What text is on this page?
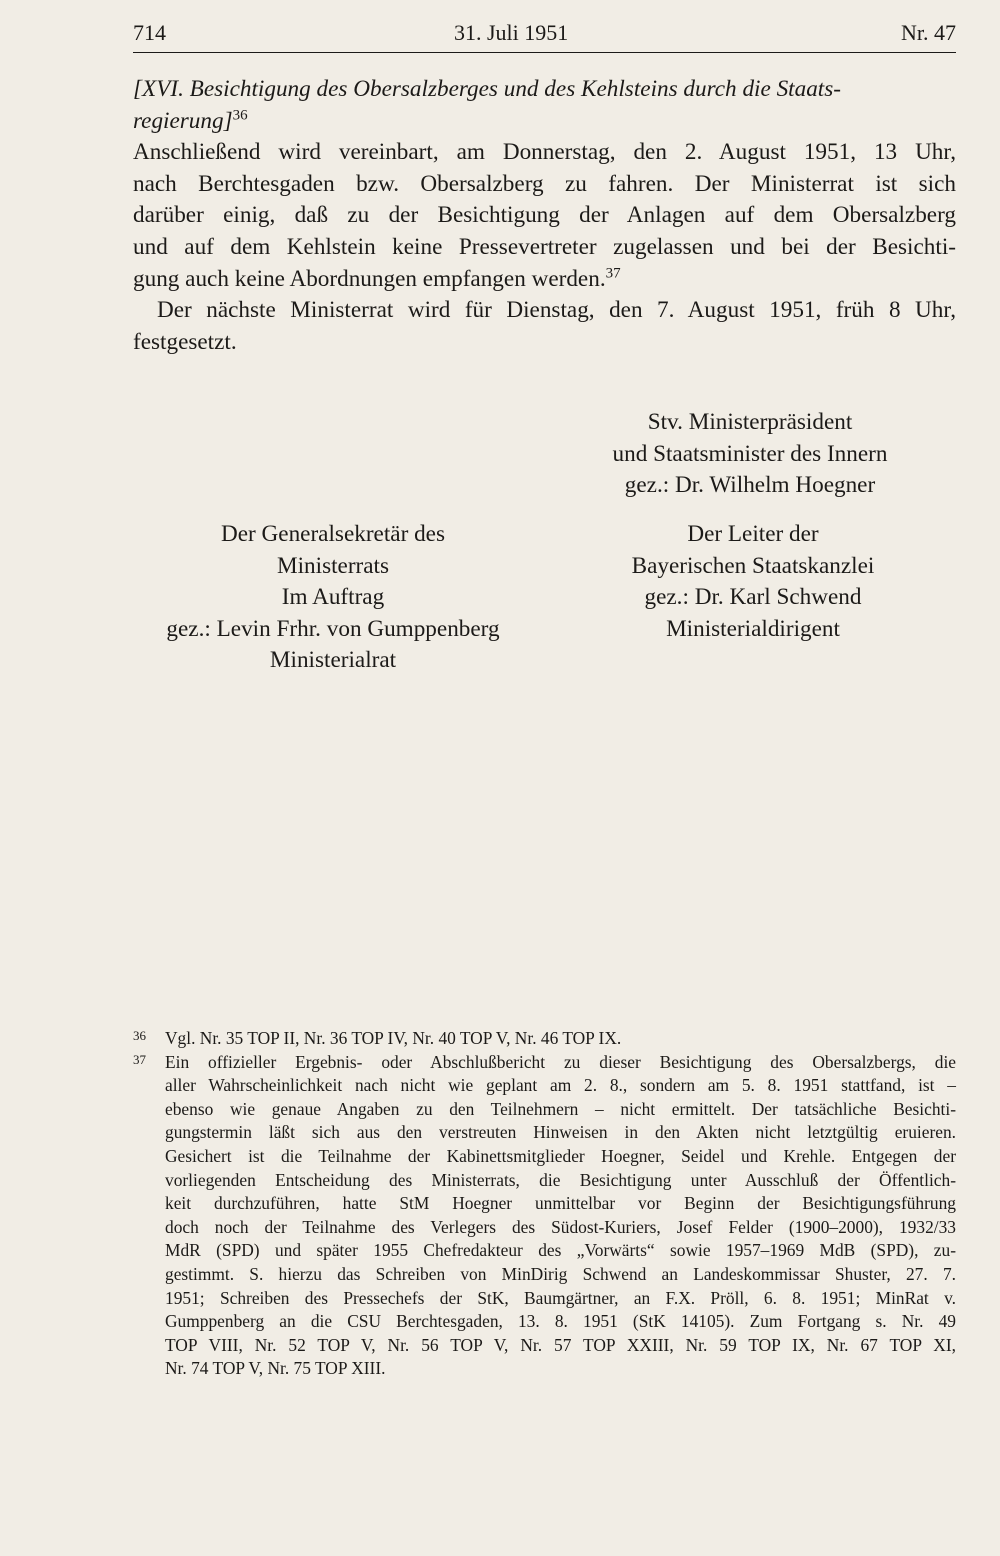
714	31. Juli 1951	Nr. 47

[XVI. Besichtigung des Obersalzberges und des Kehlsteins durch die Staats-
regierung]$^{36}$

Anschließend wird vereinbart, am Donnerstag, den 2. August 1951, 13 Uhr,
nach Berchtesgaden bzw. Obersalzberg zu fahren. Der Ministerrat ist sich
darüber einig, daß zu der Besichtigung der Anlagen auf dem Obersalzberg
und auf dem Kehlstein keine Pressevertreter zugelassen und bei der Besichti-
gung auch keine Abordnungen empfangen werden.$^{37}$

Der nächste Ministerrat wird für Dienstag, den 7. August 1951, früh 8 Uhr,
festgesetzt.

Stv. Ministerpräsident
und Staatsminister des Innern
gez.: Dr. Wilhelm Hoegner
Der Generalsekretär des
Ministerrats
Im Auftrag
gez.: Levin Frhr. von Gumppenberg
Ministerialrat
Der Leiter der
Bayerischen Staatskanzlei
gez.: Dr. Karl Schwend
Ministerialdirigent
36 Vgl. Nr. 35 TOP II, Nr. 36 TOP IV, Nr. 40 TOP V, Nr. 46 TOP IX.
37 Ein offizieller Ergebnis- oder Abschlußbericht zu dieser Besichtigung des Obersalzbergs, die
aller Wahrscheinlichkeit nach nicht wie geplant am 2. 8., sondern am 5. 8. 1951 stattfand, ist –
ebenso wie genaue Angaben zu den Teilnehmern – nicht ermittelt. Der tatsächliche Besichti-
gungstermin läßt sich aus den verstreuten Hinweisen in den Akten nicht letztgültig eruieren.
Gesichert ist die Teilnahme der Kabinettsmitglieder Hoegner, Seidel und Krehle. Entgegen der
vorliegenden Entscheidung des Ministerrats, die Besichtigung unter Ausschluß der Öffentlich-
keit durchzuführen, hatte StM Hoegner unmittelbar vor Beginn der Besichtigungsführung
doch noch der Teilnahme des Verlegers des Südost-Kuriers, Josef Felder (1900–2000), 1932/33
MdR (SPD) und später 1955 Chefredakteur des „Vorwärts“ sowie 1957–1969 MdB (SPD), zu-
gestimmt. S. hierzu das Schreiben von MinDirig Schwend an Landeskommissar Shuster, 27. 7.
1951; Schreiben des Pressechefs der StK, Baumgärtner, an F.X. Pröll, 6. 8. 1951; MinRat v.
Gumppenberg an die CSU Berchtesgaden, 13. 8. 1951 (StK 14105). Zum Fortgang s. Nr. 49
TOP VIII, Nr. 52 TOP V, Nr. 56 TOP V, Nr. 57 TOP XXIII, Nr. 59 TOP IX, Nr. 67 TOP XI,
Nr. 74 TOP V, Nr. 75 TOP XIII.
